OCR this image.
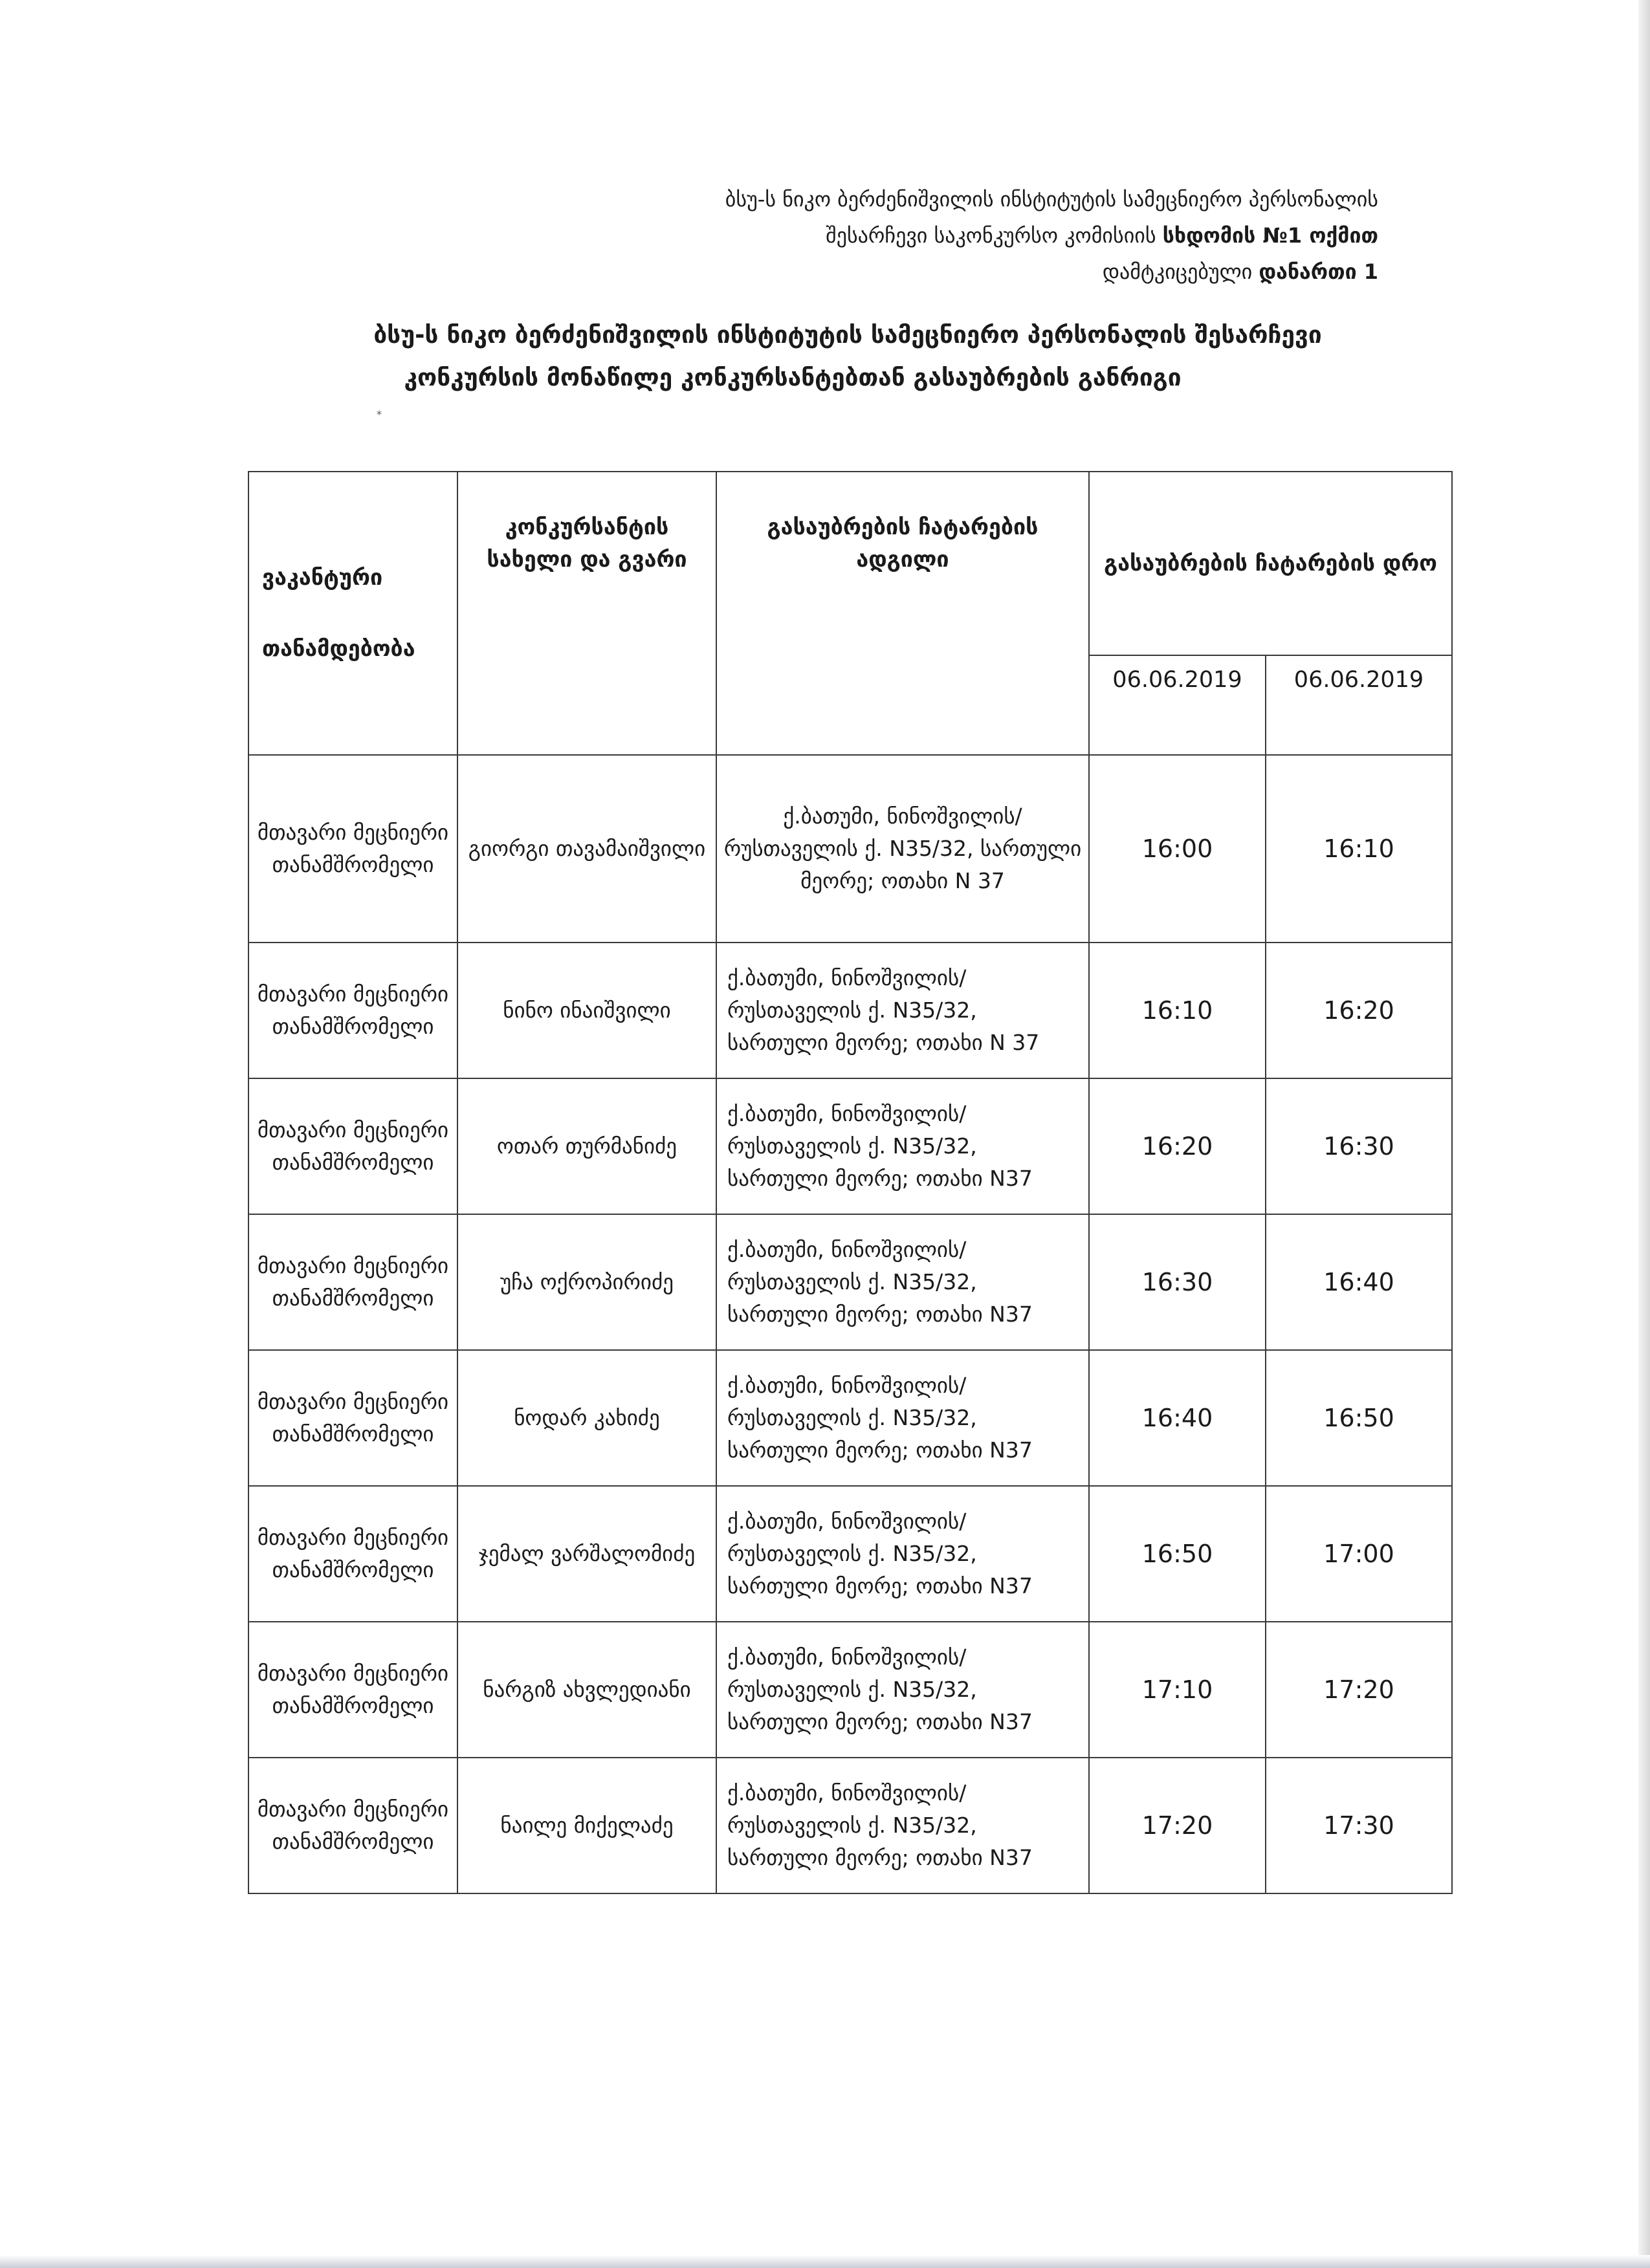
ბსუ-ს ნიკო ბერძენიშვილის ინსტიტუტის სამეცნიერო პერსონალის
შესარჩევი საკონკურსო კომისიის სხდომის №1 ოქმით
დამტკიცებული დანართი 1
ბსუ-ს ნიკო ბერძენიშვილის ინსტიტუტის სამეცნიერო პერსონალის შესარჩევი
კონკურსის მონაწილე კონკურსანტებთან გასაუბრების განრიგი
*
ვაკანტური თანამდებობა	კონკურსანტის სახელი და გვარი	გასაუბრების ჩატარების ადგილი	გასაუბრების ჩატარების დრო	
			06.06.2019	06.06.2019
მთავარი მეცნიერი თანამშრომელი	გიორგი თავამაიშვილი	ქ.ბათუმი, ნინოშვილის/რუსთაველის ქ. N35/32, სართული მეორე; ოთახი N 37	16:00	16:10
მთავარი მეცნიერი თანამშრომელი	ნინო ინაიშვილი	ქ.ბათუმი, ნინოშვილის/რუსთაველის ქ. N35/32, სართული მეორე; ოთახი N 37	16:10	16:20
მთავარი მეცნიერი თანამშრომელი	ოთარ თურმანიძე	ქ.ბათუმი, ნინოშვილის/რუსთაველის ქ. N35/32, სართული მეორე; ოთახი N37	16:20	16:30
მთავარი მეცნიერი თანამშრომელი	უჩა ოქროპირიძე	ქ.ბათუმი, ნინოშვილის/რუსთაველის ქ. N35/32, სართული მეორე; ოთახი N37	16:30	16:40
მთავარი მეცნიერი თანამშრომელი	ნოდარ კახიძე	ქ.ბათუმი, ნინოშვილის/რუსთაველის ქ. N35/32, სართული მეორე; ოთახი N37	16:40	16:50
მთავარი მეცნიერი თანამშრომელი	ჯემალ ვარშალომიძე	ქ.ბათუმი, ნინოშვილის/რუსთაველის ქ. N35/32, სართული მეორე; ოთახი N37	16:50	17:00
მთავარი მეცნიერი თანამშრომელი	ნარგიზ ახვლედიანი	ქ.ბათუმი, ნინოშვილის/რუსთაველის ქ. N35/32, სართული მეორე; ოთახი N37	17:10	17:20
მთავარი მეცნიერი თანამშრომელი	ნაილე მიქელაძე	ქ.ბათუმი, ნინოშვილის/რუსთაველის ქ. N35/32, სართული მეორე; ოთახი N37	17:20	17:30
